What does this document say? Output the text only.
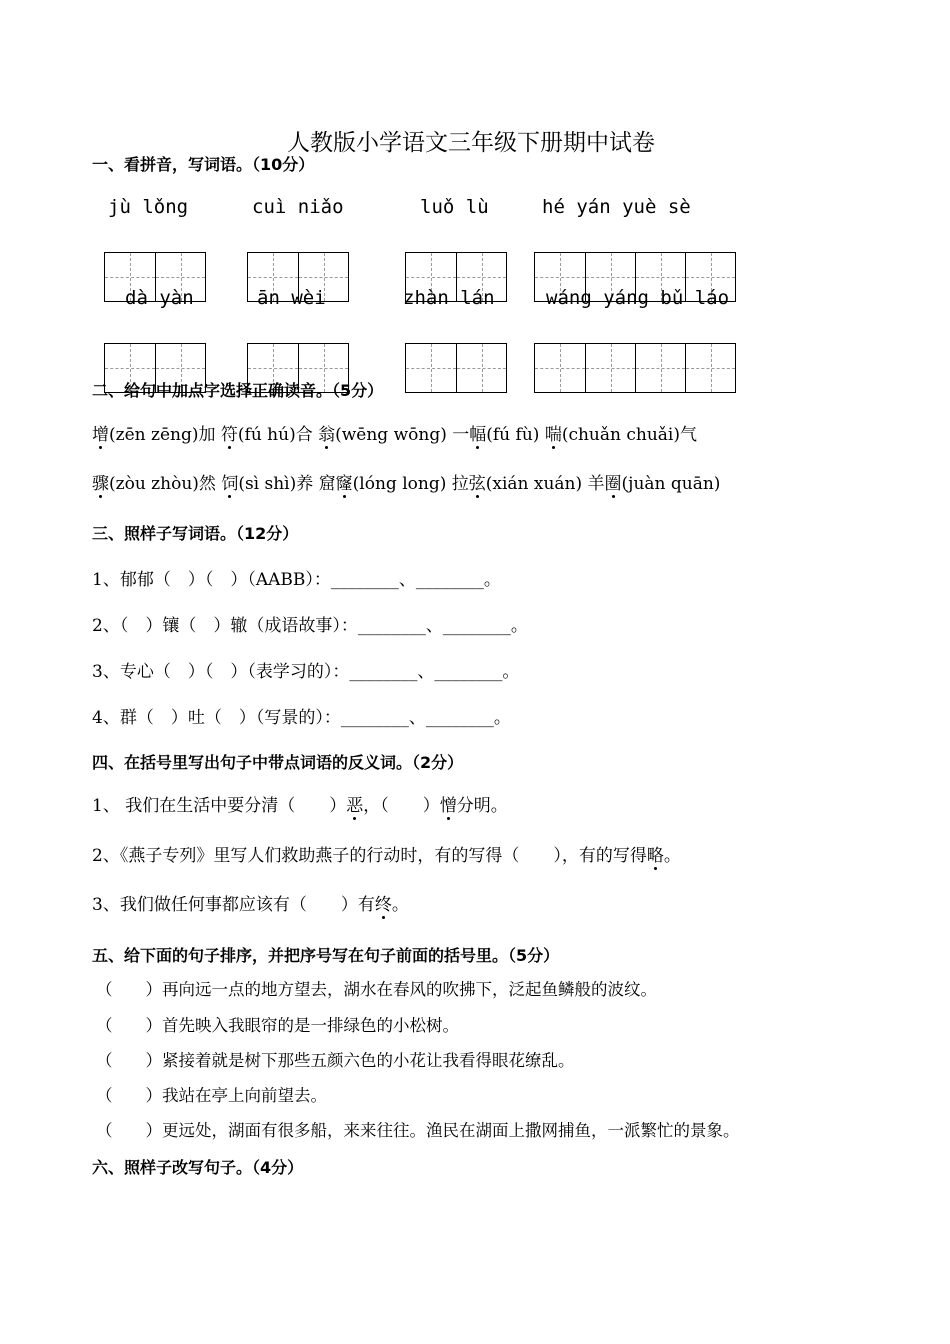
人教版小学语文三年级下册期中试卷
一、看拼音，写词语。（10分）
jù lǒng	cuì niǎo	luǒ lù	hé yán yuè sè
dà yàn	ān wèi	zhàn lán	wáng yáng bǔ láo
二、给句中加点字选择正确读音。（5分）
增(zēn zēng)加 符(fú hú)合 翁(wēng wōng) 一幅(fú fù) 喘(chuǎn chuǎi)气
骤(zòu zhòu)然 饲(sì shì)养 窟窿(lóng long) 拉弦(xián xuán) 羊圈(juàn quān)
三、照样子写词语。（12分）
1、郁郁（　）（　）（AABB）：________、________。
2、（　）镶（　）辙（成语故事）：________、________。
3、专心（　）（　）（表学习的）：________、________。
4、群（　）吐（　）（写景的）：________、________。
四、在括号里写出句子中带点词语的反义词。（2分）
1、 我们在生活中要分清（　　）恶，（　　）憎分明。
2、《燕子专列》里写人们救助燕子的行动时，有的写得（　　），有的写得略。
3、我们做任何事都应该有（　　）有终。
五、给下面的句子排序，并把序号写在句子前面的括号里。（5分）
（　　）再向远一点的地方望去，湖水在春风的吹拂下，泛起鱼鳞般的波纹。
（　　）首先映入我眼帘的是一排绿色的小松树。
（　　）紧接着就是树下那些五颜六色的小花让我看得眼花缭乱。
（　　）我站在亭上向前望去。
（　　）更远处，湖面有很多船，来来往往。渔民在湖面上撒网捕鱼，一派繁忙的景象。
六、照样子改写句子。（4分）
